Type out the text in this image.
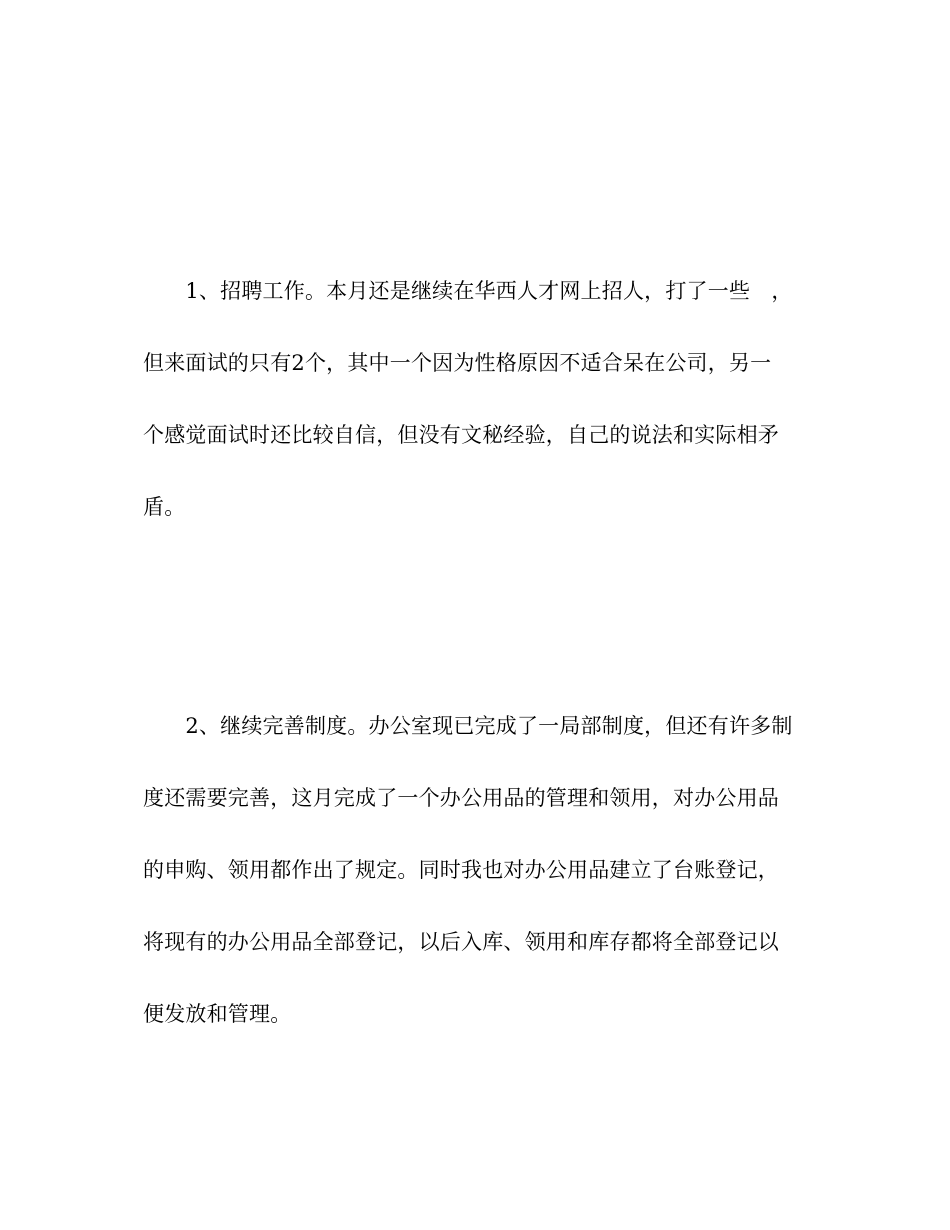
　　1、招聘工作。本月还是继续在华西人才网上招人，打了一些　，
但来面试的只有2个，其中一个因为性格原因不适合呆在公司，另一
个感觉面试时还比较自信，但没有文秘经验，自己的说法和实际相矛
盾。
　　2、继续完善制度。办公室现已完成了一局部制度，但还有许多制
度还需要完善，这月完成了一个办公用品的管理和领用，对办公用品
的申购、领用都作出了规定。同时我也对办公用品建立了台账登记，
将现有的办公用品全部登记，以后入库、领用和库存都将全部登记以
便发放和管理。
